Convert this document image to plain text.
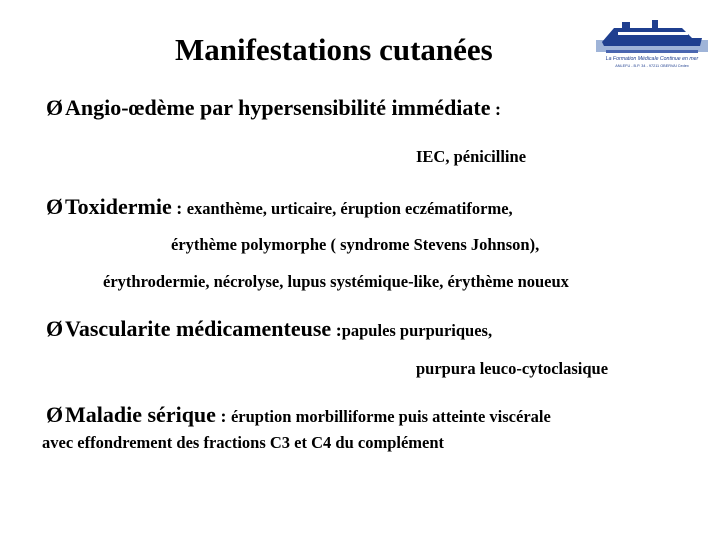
Manifestations cutanées	La Formation Médicale Continue en mer
ANLEFU - B.P. 34 - 97211 OBERVAI Cedex
ØAngio-œdème par hypersensibilité immédiate :
IEC, pénicilline
ØToxidermie : exanthème, urticaire, éruption eczématiforme,
érythème polymorphe ( syndrome Stevens Johnson),
érythrodermie, nécrolyse, lupus systémique-like, érythème noueux
ØVascularite médicamenteuse :papules purpuriques,
purpura leuco-cytoclasique
ØMaladie sérique : éruption morbilliforme puis atteinte viscérale
avec effondrement des fractions C3 et C4 du complément
